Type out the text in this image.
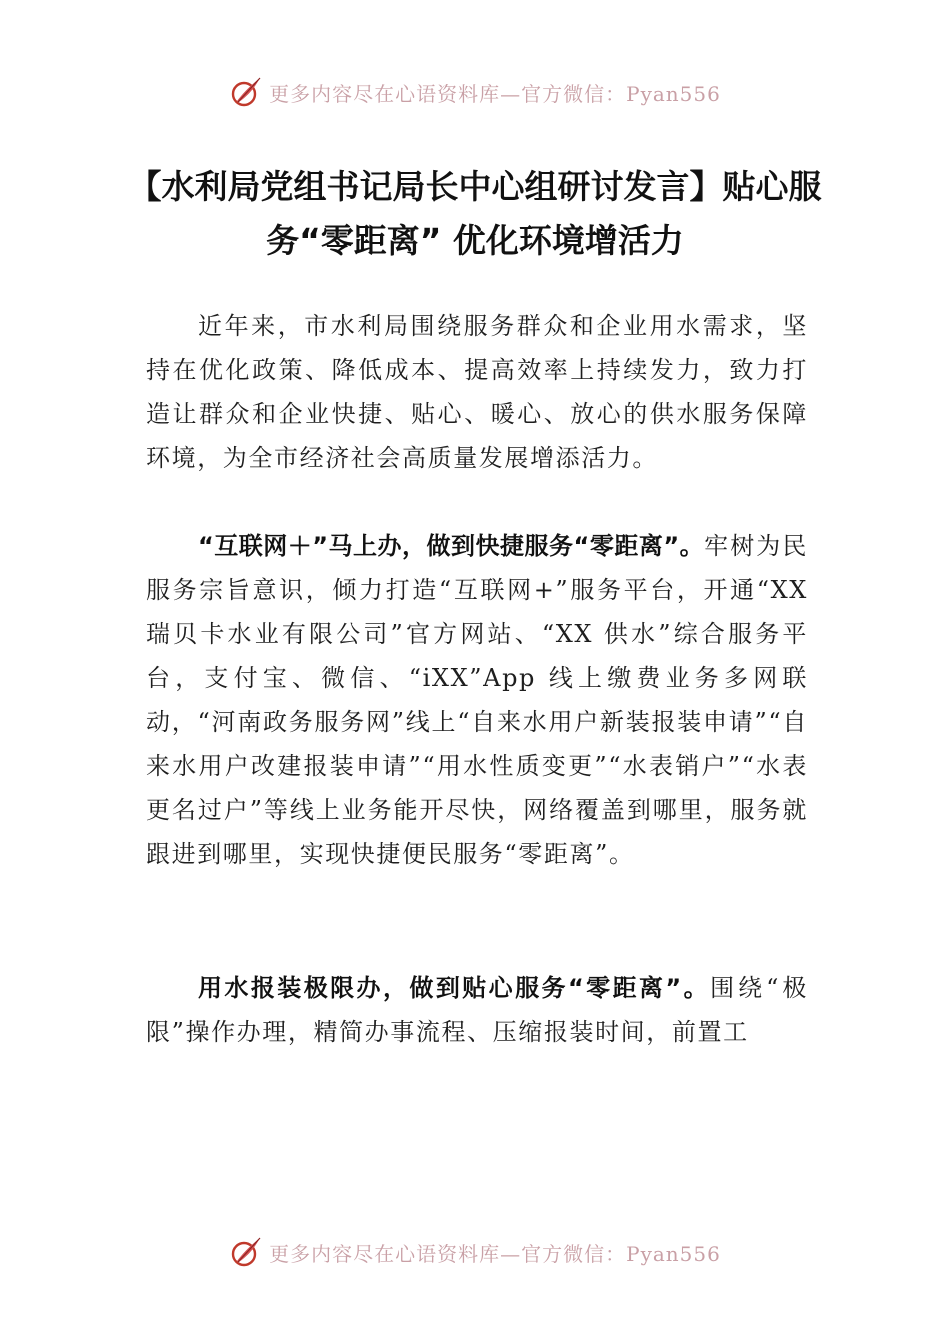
更多内容尽在心语资料库—官方微信：Pyan556
【水利局党组书记局长中心组研讨发言】贴心服务“零距离” 优化环境增活力
近年来，市水利局围绕服务群众和企业用水需求，坚持在优化政策、降低成本、提高效率上持续发力，致力打造让群众和企业快捷、贴心、暖心、放心的供水服务保障环境，为全市经济社会高质量发展增添活力。
“互联网＋”马上办，做到快捷服务“零距离”。牢树为民服务宗旨意识，倾力打造“互联网+”服务平台，开通“XX 瑞贝卡水业有限公司”官方网站、“XX 供水”综合服务平台，支付宝、微信、“iXX”App 线上缴费业务多网联动，“河南政务服务网”线上“自来水用户新装报装申请”“自来水用户改建报装申请”“用水性质变更”“水表销户”“水表更名过户”等线上业务能开尽快，网络覆盖到哪里，服务就跟进到哪里，实现快捷便民服务“零距离”。
用水报装极限办，做到贴心服务“零距离”。围绕“极限”操作办理，精简办事流程、压缩报装时间，前置工
更多内容尽在心语资料库—官方微信：Pyan556
